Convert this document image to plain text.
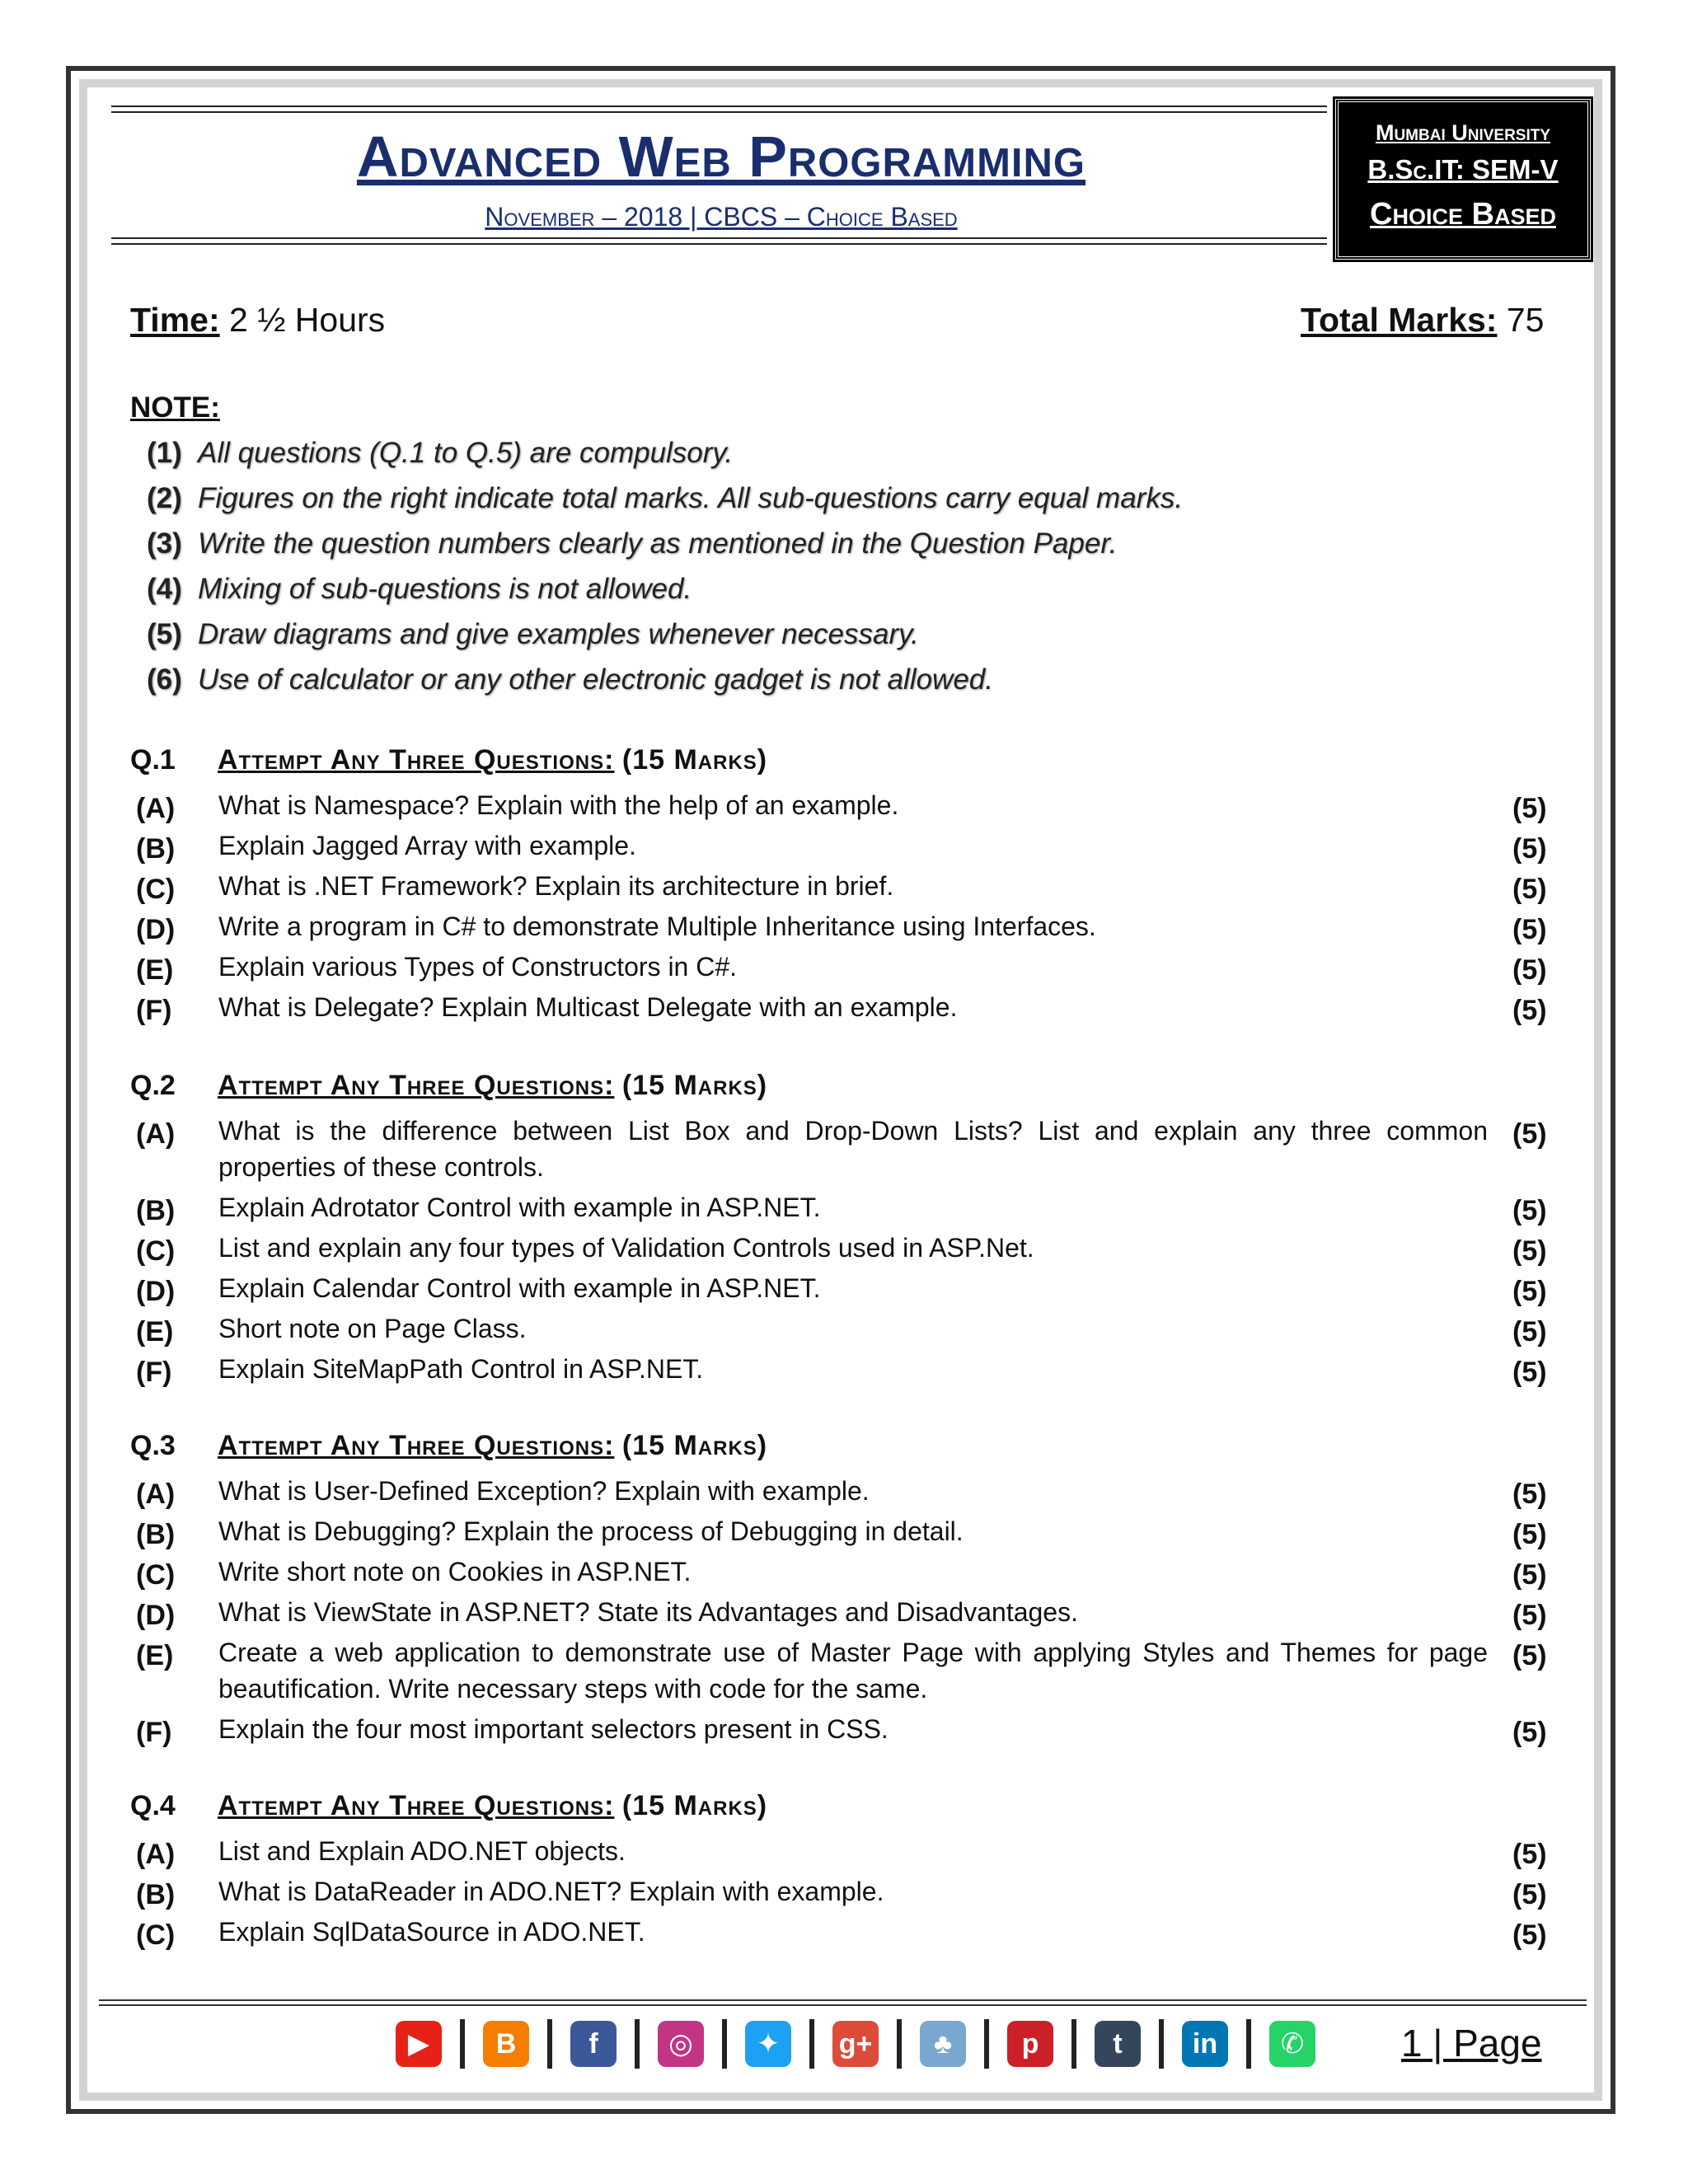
Advanced Web Programming
November – 2018 | CBCS – Choice Based
Mumbai University
B.Sc.IT: SEM-V
Choice Based
Time: 2 ½ Hours	Total Marks: 75
NOTE:
(1) All questions (Q.1 to Q.5) are compulsory.
(2) Figures on the right indicate total marks. All sub-questions carry equal marks.
(3) Write the question numbers clearly as mentioned in the Question Paper.
(4) Mixing of sub-questions is not allowed.
(5) Draw diagrams and give examples whenever necessary.
(6) Use of calculator or any other electronic gadget is not allowed.
Q.1 Attempt Any Three Questions: (15 Marks)
(A) What is Namespace? Explain with the help of an example.	(5)
(B) Explain Jagged Array with example.	(5)
(C) What is .NET Framework? Explain its architecture in brief.	(5)
(D) Write a program in C# to demonstrate Multiple Inheritance using Interfaces.	(5)
(E) Explain various Types of Constructors in C#.	(5)
(F) What is Delegate? Explain Multicast Delegate with an example.	(5)
Q.2 Attempt Any Three Questions: (15 Marks)
(A) What is the difference between List Box and Drop-Down Lists? List and explain any three common properties of these controls.
(5)
(B) Explain Adrotator Control with example in ASP.NET.	(5)
(C) List and explain any four types of Validation Controls used in ASP.Net.	(5)
(D) Explain Calendar Control with example in ASP.NET.	(5)
(E) Short note on Page Class.	(5)
(F) Explain SiteMapPath Control in ASP.NET.	(5)
Q.3 Attempt Any Three Questions: (15 Marks)
(A) What is User-Defined Exception? Explain with example.	(5)
(B) What is Debugging? Explain the process of Debugging in detail.	(5)
(C) Write short note on Cookies in ASP.NET.	(5)
(D) What is ViewState in ASP.NET? State its Advantages and Disadvantages.	(5)
(E) Create a web application to demonstrate use of Master Page with applying Styles and Themes for page beautification. Write necessary steps with code for the same.
(5)
(F) Explain the four most important selectors present in CSS.	(5)
Q.4 Attempt Any Three Questions: (15 Marks)
(A) List and Explain ADO.NET objects.	(5)
(B) What is DataReader in ADO.NET? Explain with example.	(5)
(C) Explain SqlDataSource in ADO.NET.	(5)
▶	B	f	◎	✦	g+	♣	p	t	in	✆	1 | Page
